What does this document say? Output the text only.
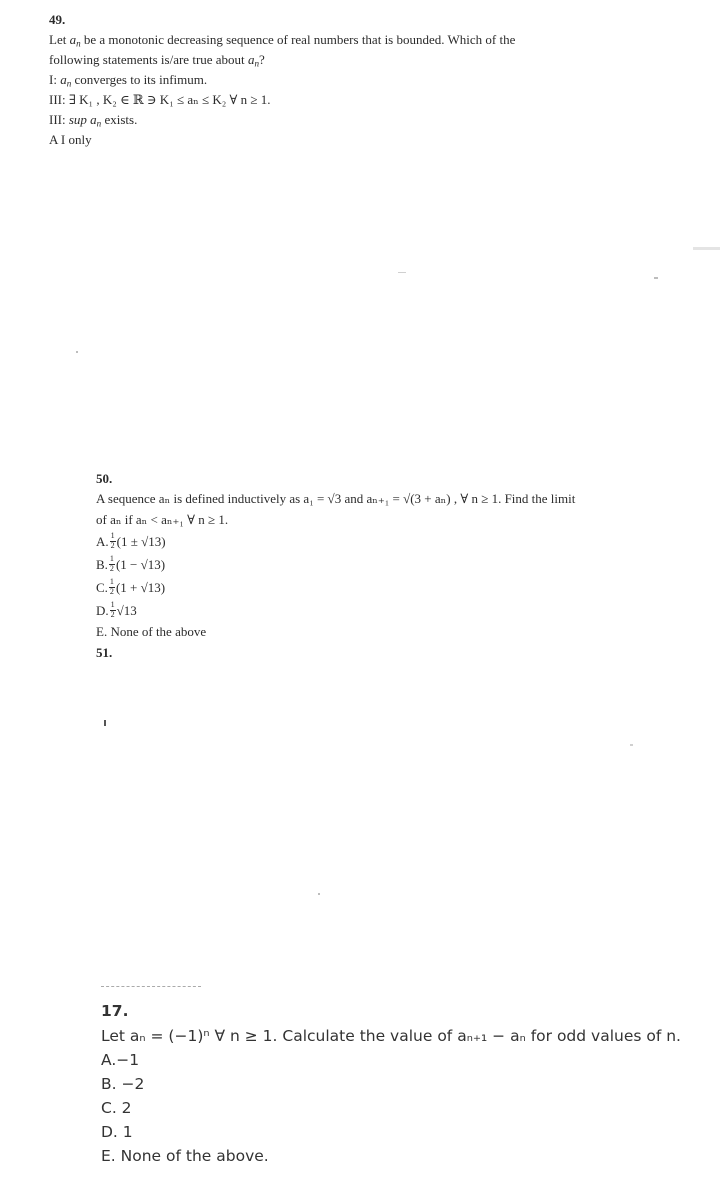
49.
Let
$a_n$
be a monotonic decreasing sequence of real numbers that is bounded. Which of the
following statements is/are true about
$a_n$ ?
I:
$a_n$
converges to its infimum.
III:
∃ K₁ , K₂ ∈ ℝ ∋ K₁ ≤ aₙ ≤ K₂ ∀ n ≥ 1.
III:
sup
$a_n$
exists.
A I only
50.
A sequence aₙ is defined inductively as a₁ = √3 and aₙ₊₁ = √(3 + aₙ) , ∀ n ≥ 1. Find the limit
of aₙ if aₙ < aₙ₊₁ ∀ n ≥ 1.
A. $\frac{1}{2} (1 \pm √13)$
B. $\frac{1}{2} (1 - √13)$
C. $\frac{1}{2} (1 + √13)$
D. $\frac{1}{2} √13$
E.
None of the above
51.
17.
Let aₙ = (−1)ⁿ ∀ n ≥ 1. Calculate the value of aₙ₊₁ − aₙ for odd values of n.
A.−1
B. −2
C. 2
D. 1
E. None of the above.
